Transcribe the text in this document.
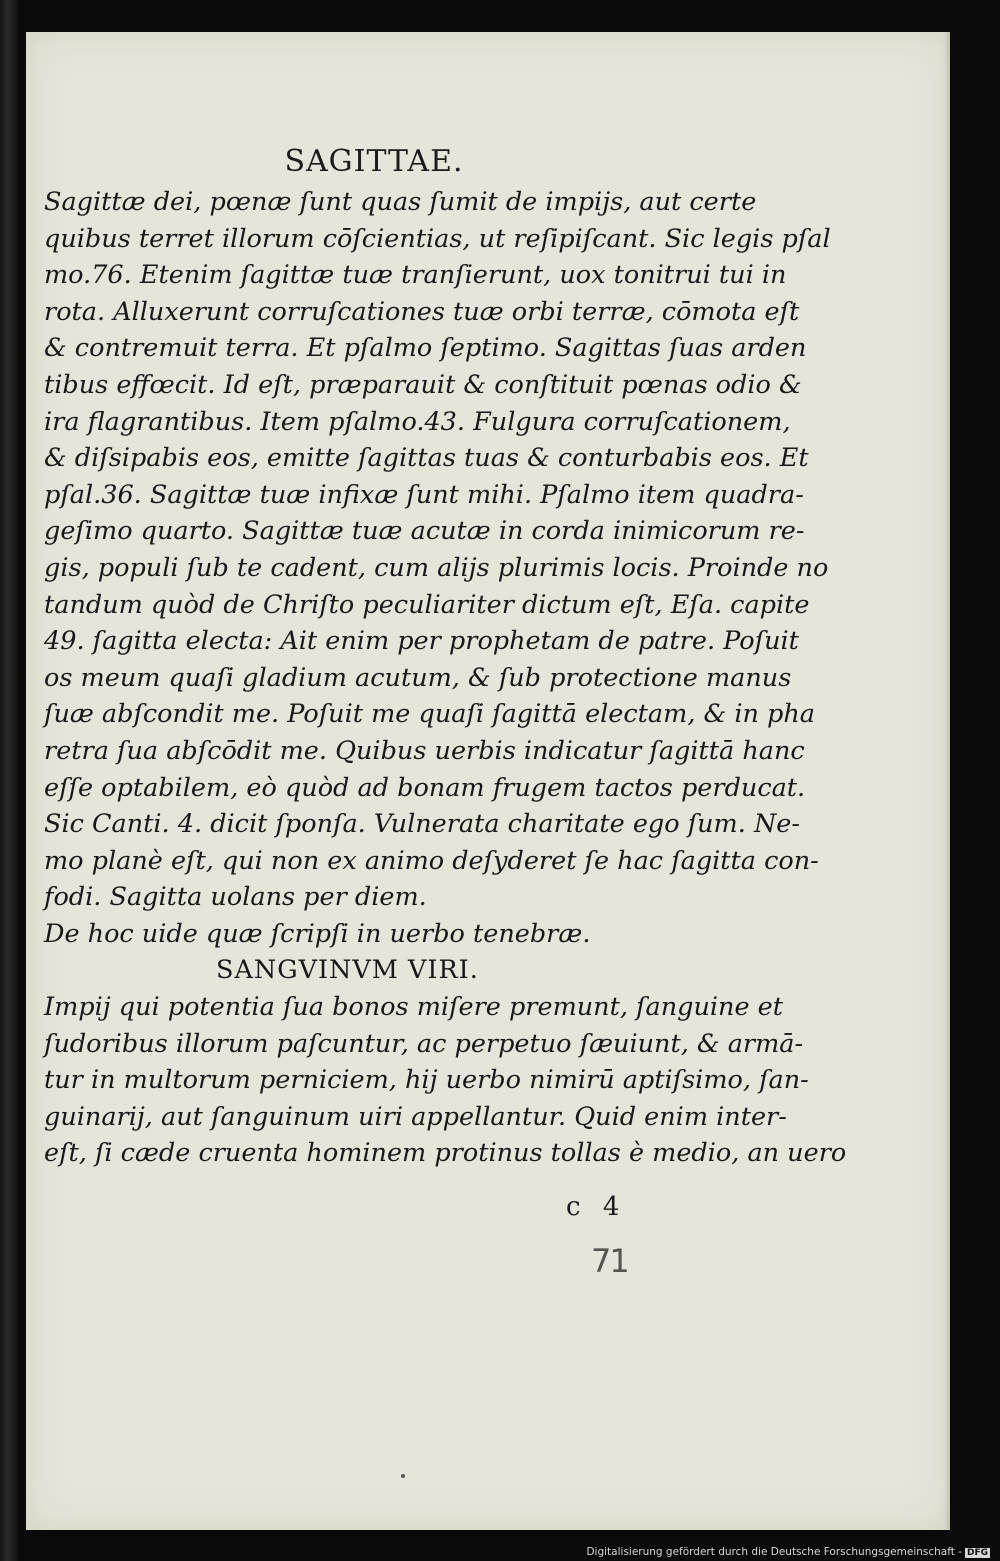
SAGITTAE.
Sagittæ dei, pœnæ ſunt quas ſumit de impijs, aut certe
quibus terret illorum cōſcientias, ut reſipiſcant. Sic legis pſal
mo.76. Etenim ſagittæ tuæ tranſierunt, uox tonitrui tui in
rota. Alluxerunt corruſcationes tuæ orbi terræ, cōmota eſt
& contremuit terra. Et pſalmo ſeptimo. Sagittas ſuas arden
tibus effœcit. Id eſt, præparauit & conſtituit pœnas odio &
ira flagrantibus. Item pſalmo.43. Fulgura corruſcationem,
& diſsipabis eos, emitte ſagittas tuas & conturbabis eos. Et
pſal.36. Sagittæ tuæ infixæ ſunt mihi. Pſalmo item quadra-
geſimo quarto. Sagittæ tuæ acutæ in corda inimicorum re-
gis, populi ſub te cadent, cum alijs plurimis locis. Proinde no
tandum quòd de Chriſto peculiariter dictum eſt, Eſa. capite
49. ſagitta electa: Ait enim per prophetam de patre. Poſuit
os meum quaſi gladium acutum, & ſub protectione manus
ſuæ abſcondit me. Poſuit me quaſi ſagittā electam, & in pha
retra ſua abſcōdit me. Quibus uerbis indicatur ſagittā hanc
eſſe optabilem, eò quòd ad bonam frugem tactos perducat.
Sic Canti. 4. dicit ſponſa. Vulnerata charitate ego ſum. Ne-
mo planè eſt, qui non ex animo deſyderet ſe hac ſagitta con-
fodi. Sagitta uolans per diem.
De hoc uide quæ ſcripſi in uerbo tenebræ.
SANGVINVM VIRI.
Impij qui potentia ſua bonos miſere premunt, ſanguine et
ſudoribus illorum paſcuntur, ac perpetuo ſæuiunt, & armā-
tur in multorum perniciem, hij uerbo nimirū aptiſsimo, ſan-
guinarij, aut ſanguinum uiri appellantur. Quid enim inter-
eſt, ſi cæde cruenta hominem protinus tollas è medio, an uero
c 4
71
Digitalisierung gefördert durch die Deutsche Forschungsgemeinschaft - DFG
